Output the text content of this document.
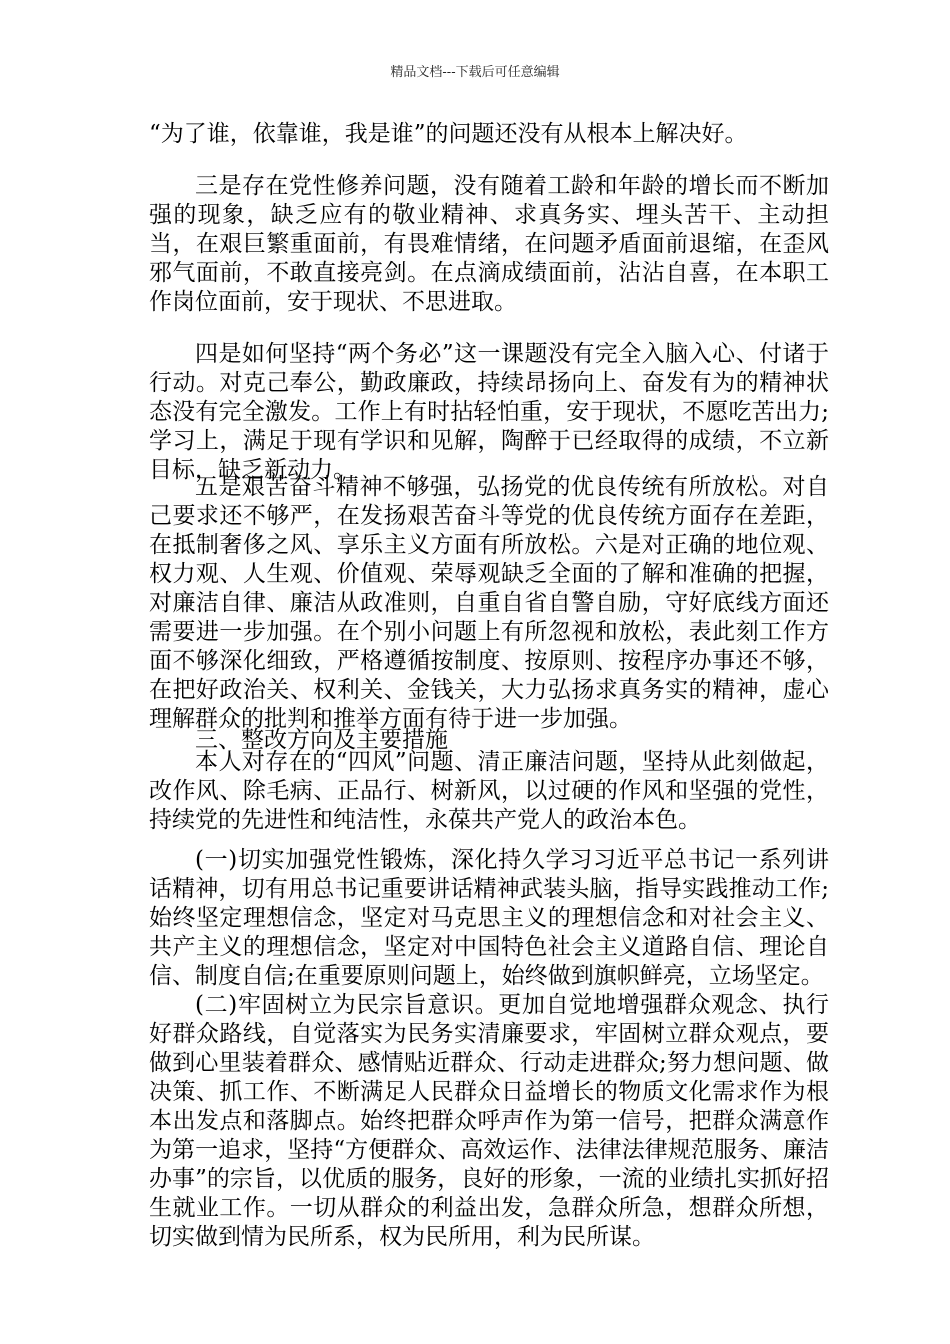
精品文档---下载后可任意编辑

“为了谁，依靠谁，我是谁”的问题还没有从根本上解决好。

三是存在党性修养问题，没有随着工龄和年龄的增长而不断加强的现象，缺乏应有的敬业精神、求真务实、埋头苦干、主动担当，在艰巨繁重面前，有畏难情绪，在问题矛盾面前退缩，在歪风邪气面前，不敢直接亮剑。在点滴成绩面前，沾沾自喜，在本职工作岗位面前，安于现状、不思进取。

四是如何坚持“两个务必”这一课题没有完全入脑入心、付诸于行动。对克己奉公，勤政廉政，持续昂扬向上、奋发有为的精神状态没有完全激发。工作上有时拈轻怕重，安于现状，不愿吃苦出力;学习上，满足于现有学识和见解，陶醉于已经取得的成绩，不立新目标，缺乏新动力。

五是艰苦奋斗精神不够强，弘扬党的优良传统有所放松。对自己要求还不够严，在发扬艰苦奋斗等党的优良传统方面存在差距，在抵制奢侈之风、享乐主义方面有所放松。六是对正确的地位观、权力观、人生观、价值观、荣辱观缺乏全面的了解和准确的把握，对廉洁自律、廉洁从政准则，自重自省自警自励，守好底线方面还需要进一步加强。在个别小问题上有所忽视和放松，表此刻工作方面不够深化细致，严格遵循按制度、按原则、按程序办事还不够，在把好政治关、权利关、金钱关，大力弘扬求真务实的精神，虚心理解群众的批判和推举方面有待于进一步加强。

三、整改方向及主要措施

本人对存在的“四风”问题、清正廉洁问题，坚持从此刻做起，改作风、除毛病、正品行、树新风，以过硬的作风和坚强的党性，持续党的先进性和纯洁性，永葆共产党人的政治本色。

(一)切实加强党性锻炼，深化持久学习习近平总书记一系列讲话精神，切有用总书记重要讲话精神武装头脑，指导实践推动工作;始终坚定理想信念，坚定对马克思主义的理想信念和对社会主义、共产主义的理想信念，坚定对中国特色社会主义道路自信、理论自信、制度自信;在重要原则问题上，始终做到旗帜鲜亮，立场坚定。

(二)牢固树立为民宗旨意识。更加自觉地增强群众观念、执行好群众路线，自觉落实为民务实清廉要求，牢固树立群众观点，要做到心里装着群众、感情贴近群众、行动走进群众;努力想问题、做决策、抓工作、不断满足人民群众日益增长的物质文化需求作为根本出发点和落脚点。始终把群众呼声作为第一信号，把群众满意作为第一追求，坚持“方便群众、高效运作、法律法律规范服务、廉洁办事”的宗旨，以优质的服务，良好的形象，一流的业绩扎实抓好招生就业工作。一切从群众的利益出发，急群众所急，想群众所想，切实做到情为民所系，权为民所用，利为民所谋。
